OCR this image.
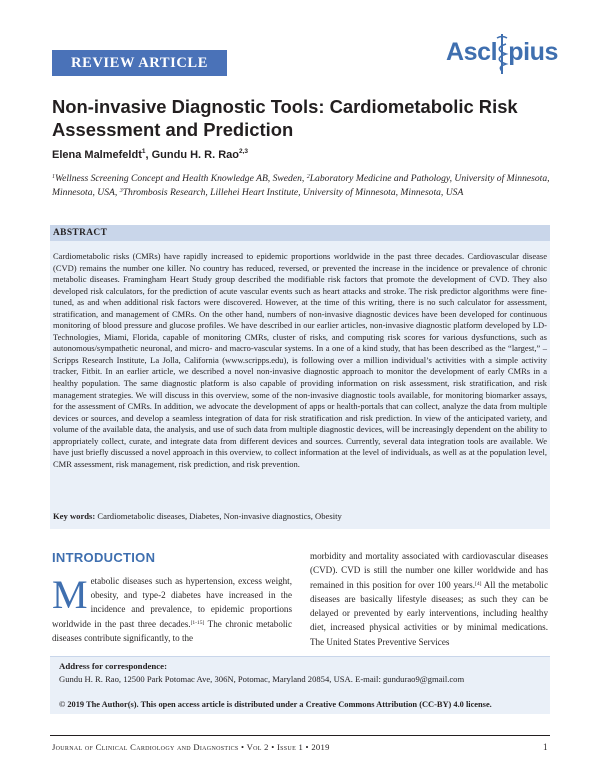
REVIEW ARTICLE	Ascl pius
Non-invasive Diagnostic Tools: Cardiometabolic Risk Assessment and Prediction
Elena Malmefeldt$^1$, Gundu H. R. Rao$^{2,3}$
$^1$Wellness Screening Concept and Health Knowledge AB, Sweden, $^2$Laboratory Medicine and Pathology, University of Minnesota, Minnesota, USA, $^3$Thrombosis Research, Lillehei Heart Institute, University of Minnesota, Minnesota, USA
ABSTRACT

Cardiometabolic risks (CMRs) have rapidly increased to epidemic proportions worldwide in the past three decades. Cardiovascular disease (CVD) remains the number one killer. No country has reduced, reversed, or prevented the increase in the incidence or prevalence of chronic metabolic diseases. Framingham Heart Study group described the modifiable risk factors that promote the development of CVD. They also developed risk calculators, for the prediction of acute vascular events such as heart attacks and stroke. The risk predictor algorithms were fine-tuned, as and when additional risk factors were discovered. However, at the time of this writing, there is no such calculator for assessment, stratification, and management of CMRs. On the other hand, numbers of non-invasive diagnostic devices have been developed for continuous monitoring of blood pressure and glucose profiles. We have described in our earlier articles, non-invasive diagnostic platform developed by LD-Technologies, Miami, Florida, capable of monitoring CMRs, cluster of risks, and computing risk scores for various dysfunctions, such as autonomous/sympathetic neuronal, and micro- and macro-vascular systems. In a one of a kind study, that has been described as the “largest,” –Scripps Research Institute, La Jolla, California (www.scripps.edu), is following over a million individual’s activities with a simple activity tracker, Fitbit. In an earlier article, we described a novel non-invasive diagnostic approach to monitor the development of early CMRs in a healthy population. The same diagnostic platform is also capable of providing information on risk assessment, risk stratification, and risk management strategies. We will discuss in this overview, some of the non-invasive diagnostic tools available, for monitoring biomarker assays, for the assessment of CMRs. In addition, we advocate the development of apps or health-portals that can collect, analyze the data from multiple devices or sources, and develop a seamless integration of data for risk stratification and risk prediction. In view of the anticipated variety, and volume of the available data, the analysis, and use of such data from multiple diagnostic devices, will be increasingly dependent on the ability to appropriately collect, curate, and integrate data from different devices and sources. Currently, several data integration tools are available. We have just briefly discussed a novel approach in this overview, to collect information at the level of individuals, as well as at the population level, CMR assessment, risk management, risk prediction, and risk prevention.

Key words: Cardiometabolic diseases, Diabetes, Non-invasive diagnostics, Obesity
INTRODUCTION
Metabolic diseases such as hypertension, excess weight, obesity, and type-2 diabetes have increased in the incidence and prevalence, to epidemic proportions worldwide in the past three decades.[1-15] The chronic metabolic diseases contribute significantly, to the
morbidity and mortality associated with cardiovascular diseases (CVD). CVD is still the number one killer worldwide and has remained in this position for over 100 years.[4] All the metabolic diseases are basically lifestyle diseases; as such they can be delayed or prevented by early interventions, including healthy diet, increased physical activities or by minimal medications. The United States Preventive Services
Address for correspondence:
Gundu H. R. Rao, 12500 Park Potomac Ave, 306N, Potomac, Maryland 20854, USA. E-mail: gundurao9@gmail.com
© 2019 The Author(s). This open access article is distributed under a Creative Commons Attribution (CC-BY) 4.0 license.
Journal of Clinical Cardiology and Diagnostics • Vol 2 • Issue 1 • 2019	1
